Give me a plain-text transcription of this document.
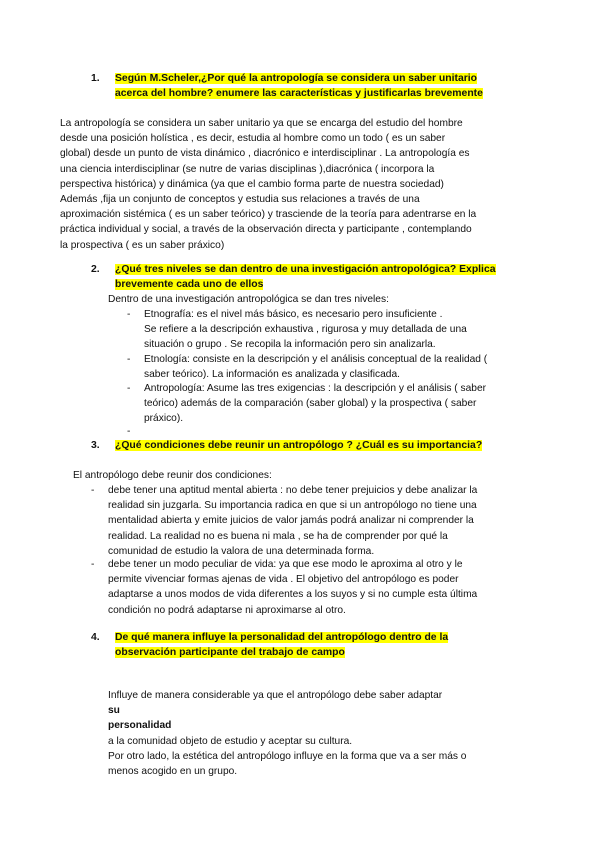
1. Según M.Scheler,¿Por qué la antropología se considera un saber unitario
acerca del hombre? enumere las características y justificarlas brevemente
La antropología se considera un saber unitario ya que se encarga del estudio del hombre
desde una posición holística , es decir, estudia al hombre como un todo ( es un saber
global) desde un punto de vista dinámico , diacrónico e interdisciplinar . La antropología es
una ciencia interdisciplinar (se nutre de varias disciplinas ),diacrónica ( incorpora la
perspectiva histórica) y dinámica (ya que el cambio forma parte de nuestra sociedad)
Además ,fija un conjunto de conceptos y estudia sus relaciones a través de una
aproximación sistémica ( es un saber teórico) y trasciende de la teoría para adentrarse en la
práctica individual y social, a través de la observación directa y participante , contemplando
la prospectiva ( es un saber práxico)
2. ¿Qué tres niveles se dan dentro de una investigación antropológica? Explica
brevemente cada uno de ellos
Dentro de una investigación antropológica se dan tres niveles:
- Etnografía: es el nivel más básico, es necesario pero insuficiente .
Se refiere a la descripción exhaustiva , rigurosa y muy detallada de una
situación o grupo . Se recopila la información pero sin analizarla.
- Etnología: consiste en la descripción y el análisis conceptual de la realidad (
saber teórico). La información es analizada y clasificada.
- Antropología: Asume las tres exigencias : la descripción y el análisis ( saber
teórico) además de la comparación (saber global) y la prospectiva ( saber
práxico).
-
3. ¿Qué condiciones debe reunir un antropólogo ? ¿Cuál es su importancia?
El antropólogo debe reunir dos condiciones:
- debe tener una aptitud mental abierta : no debe tener prejuicios y debe analizar la
realidad sin juzgarla. Su importancia radica en que si un antropólogo no tiene una
mentalidad abierta y emite juicios de valor jamás podrá analizar ni comprender la
realidad. La realidad no es buena ni mala , se ha de comprender por qué la
comunidad de estudio la valora de una determinada forma.
- debe tener un modo peculiar de vida: ya que ese modo le aproxima al otro y le
permite vivenciar formas ajenas de vida . El objetivo del antropólogo es poder
adaptarse a unos modos de vida diferentes a los suyos y si no cumple esta última
condición no podrá adaptarse ni aproximarse al otro.
4. De qué manera influye la personalidad del antropólogo dentro de la
observación participante del trabajo de campo
Influye de manera considerable ya que el antropólogo debe saber adaptar
su
personalidad
a la comunidad objeto de estudio y aceptar su cultura.
Por otro lado, la estética del antropólogo influye en la forma que va a ser más o
menos acogido en un grupo.
